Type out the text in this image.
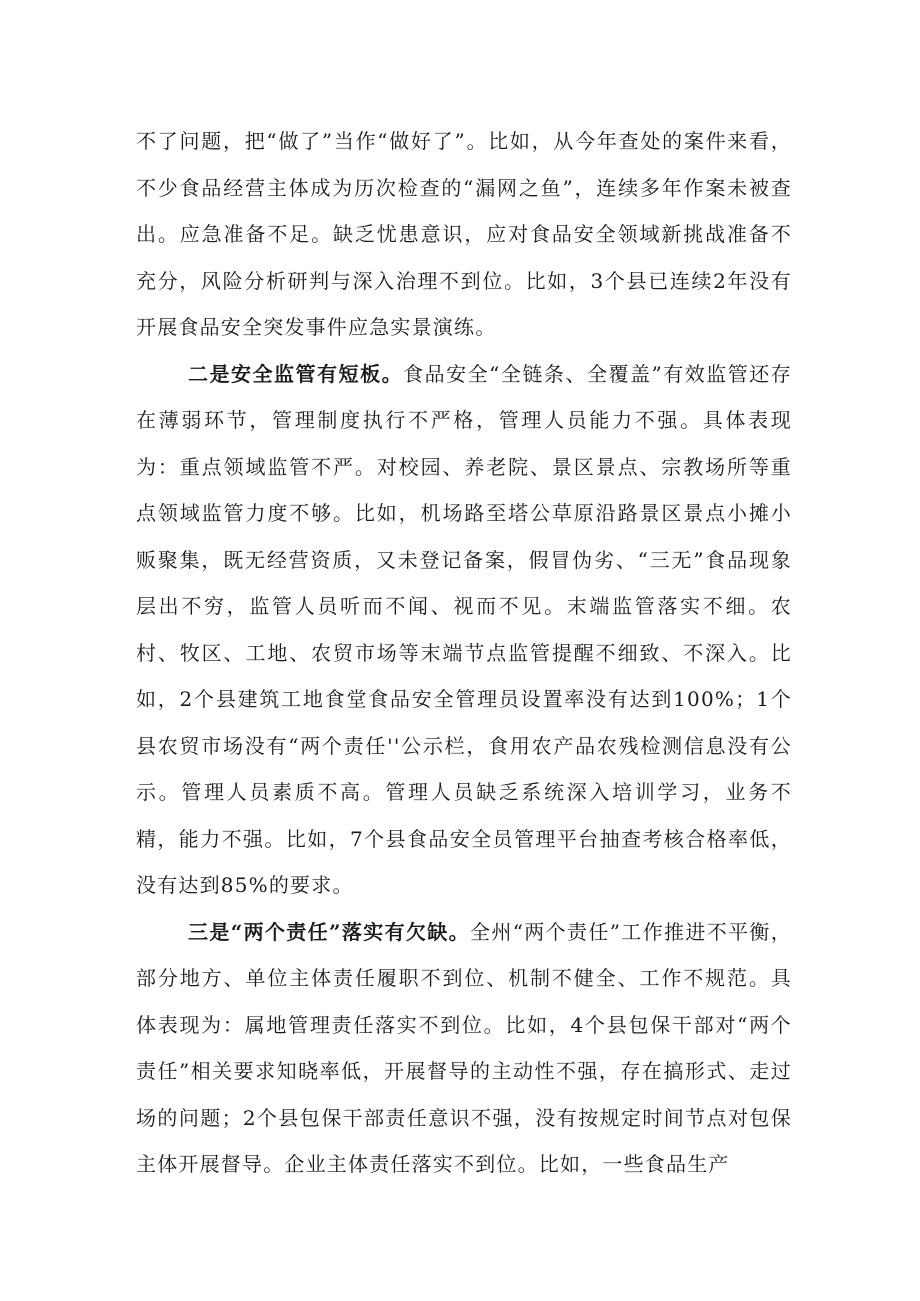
不了问题，把“做了”当作“做好了”。比如，从今年查处的案件来看，不少食品经营主体成为历次检查的“漏网之鱼”，连续多年作案未被查出。应急准备不足。缺乏忧患意识，应对食品安全领域新挑战准备不充分，风险分析研判与深入治理不到位。比如，3个县已连续2年没有开展食品安全突发事件应急实景演练。

二是安全监管有短板。食品安全“全链条、全覆盖”有效监管还存在薄弱环节，管理制度执行不严格，管理人员能力不强。具体表现为：重点领域监管不严。对校园、养老院、景区景点、宗教场所等重点领域监管力度不够。比如，机场路至塔公草原沿路景区景点小摊小贩聚集，既无经营资质，又未登记备案，假冒伪劣、“三无”食品现象层出不穷，监管人员听而不闻、视而不见。末端监管落实不细。农村、牧区、工地、农贸市场等末端节点监管提醒不细致、不深入。比如，2个县建筑工地食堂食品安全管理员设置率没有达到100%；1个县农贸市场没有“两个责任''公示栏，食用农产品农残检测信息没有公示。管理人员素质不高。管理人员缺乏系统深入培训学习，业务不精，能力不强。比如，7个县食品安全员管理平台抽查考核合格率低，没有达到85%的要求。

三是“两个责任”落实有欠缺。全州“两个责任”工作推进不平衡，部分地方、单位主体责任履职不到位、机制不健全、工作不规范。具体表现为：属地管理责任落实不到位。比如，4个县包保干部对“两个责任”相关要求知晓率低，开展督导的主动性不强，存在搞形式、走过场的问题；2个县包保干部责任意识不强，没有按规定时间节点对包保主体开展督导。企业主体责任落实不到位。比如，一些食品生产
